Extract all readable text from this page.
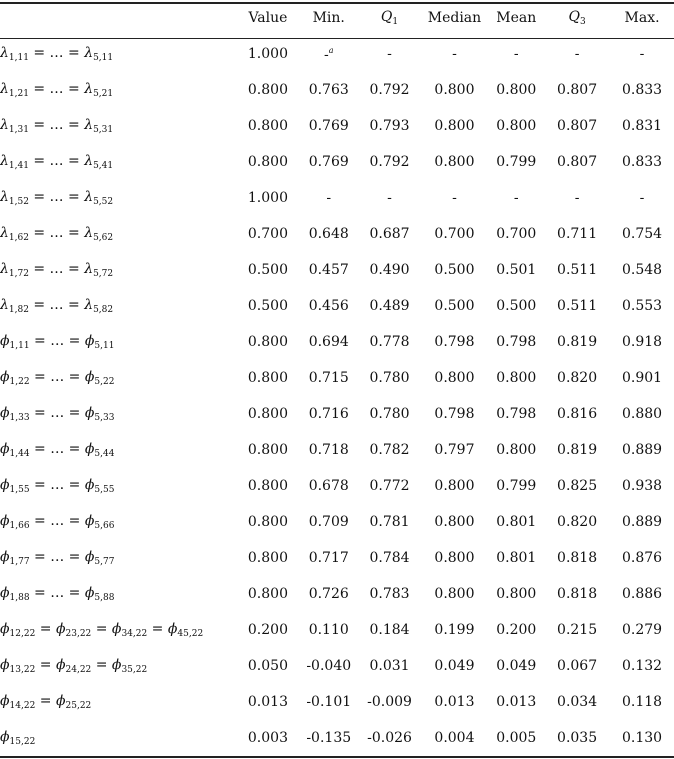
	Value	Min.	$Q_1$	Median	Mean	$Q_3$	Max.
$\lambda_{1,11}$ = … = $\lambda_{5,11}$	1.000	-$^a$	-	-	-	-	-
$\lambda_{1,21}$ = … = $\lambda_{5,21}$	0.800	0.763	0.792	0.800	0.800	0.807	0.833
$\lambda_{1,31}$ = … = $\lambda_{5,31}$	0.800	0.769	0.793	0.800	0.800	0.807	0.831
$\lambda_{1,41}$ = … = $\lambda_{5,41}$	0.800	0.769	0.792	0.800	0.799	0.807	0.833
$\lambda_{1,52}$ = … = $\lambda_{5,52}$	1.000	-	-	-	-	-	-
$\lambda_{1,62}$ = … = $\lambda_{5,62}$	0.700	0.648	0.687	0.700	0.700	0.711	0.754
$\lambda_{1,72}$ = … = $\lambda_{5,72}$	0.500	0.457	0.490	0.500	0.501	0.511	0.548
$\lambda_{1,82}$ = … = $\lambda_{5,82}$	0.500	0.456	0.489	0.500	0.500	0.511	0.553
$\phi_{1,11}$ = … = $\phi_{5,11}$	0.800	0.694	0.778	0.798	0.798	0.819	0.918
$\phi_{1,22}$ = … = $\phi_{5,22}$	0.800	0.715	0.780	0.800	0.800	0.820	0.901
$\phi_{1,33}$ = … = $\phi_{5,33}$	0.800	0.716	0.780	0.798	0.798	0.816	0.880
$\phi_{1,44}$ = … = $\phi_{5,44}$	0.800	0.718	0.782	0.797	0.800	0.819	0.889
$\phi_{1,55}$ = … = $\phi_{5,55}$	0.800	0.678	0.772	0.800	0.799	0.825	0.938
$\phi_{1,66}$ = … = $\phi_{5,66}$	0.800	0.709	0.781	0.800	0.801	0.820	0.889
$\phi_{1,77}$ = … = $\phi_{5,77}$	0.800	0.717	0.784	0.800	0.801	0.818	0.876
$\phi_{1,88}$ = … = $\phi_{5,88}$	0.800	0.726	0.783	0.800	0.800	0.818	0.886
$\phi_{12,22} = \phi_{23,22} = \phi_{34,22} = \phi_{45,22}$	0.200	0.110	0.184	0.199	0.200	0.215	0.279
$\phi_{13,22} = \phi_{24,22} = \phi_{35,22}$	0.050	-0.040	0.031	0.049	0.049	0.067	0.132
$\phi_{14,22} = \phi_{25,22}$	0.013	-0.101	-0.009	0.013	0.013	0.034	0.118
$\phi_{15,22}$	0.003	-0.135	-0.026	0.004	0.005	0.035	0.130
